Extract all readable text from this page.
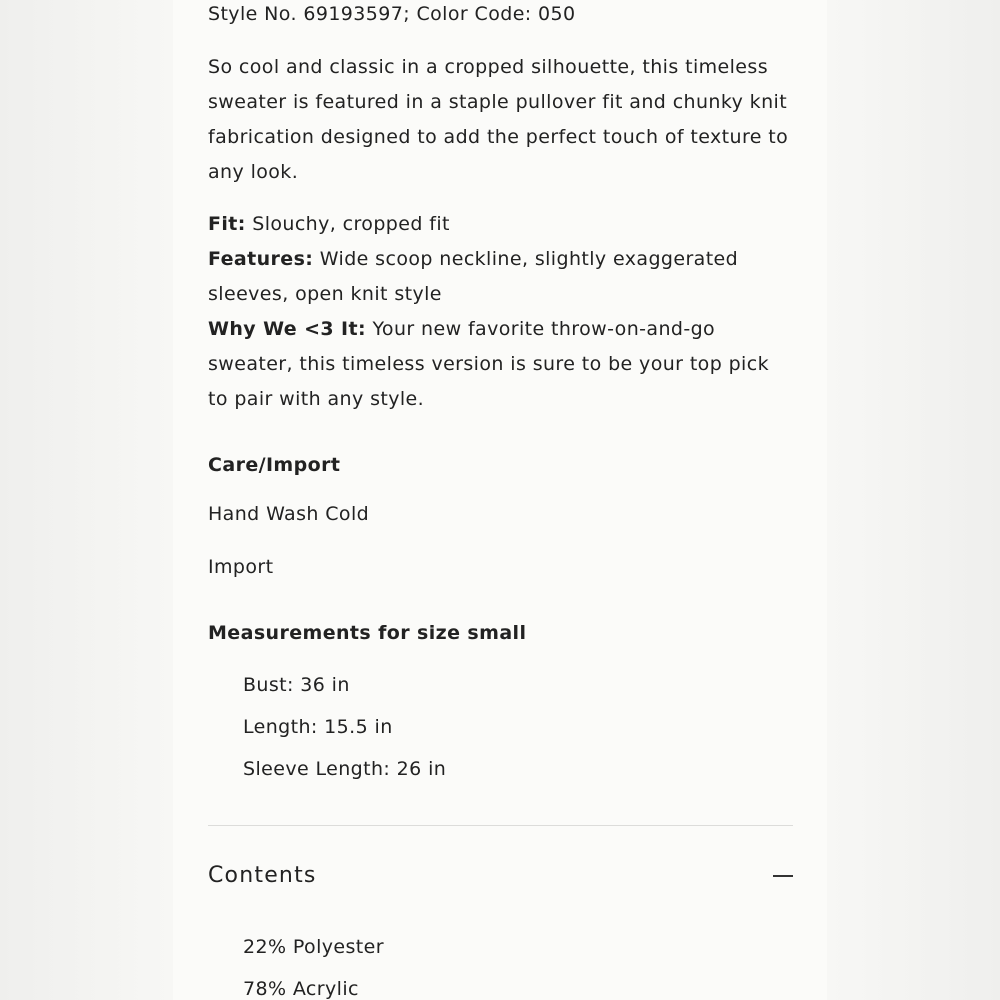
Style No. 69193597; Color Code: 050
So cool and classic in a cropped silhouette, this timeless sweater is featured in a staple pullover fit and chunky knit fabrication designed to add the perfect touch of texture to any look.
Fit: Slouchy, cropped fit
Features: Wide scoop neckline, slightly exaggerated sleeves, open knit style
Why We <3 It: Your new favorite throw-on-and-go sweater, this timeless version is sure to be your top pick to pair with any style.
Care/Import
Hand Wash Cold
Import
Measurements for size small
Bust: 36 in
Length: 15.5 in
Sleeve Length: 26 in
Contents
22% Polyester
78% Acrylic
